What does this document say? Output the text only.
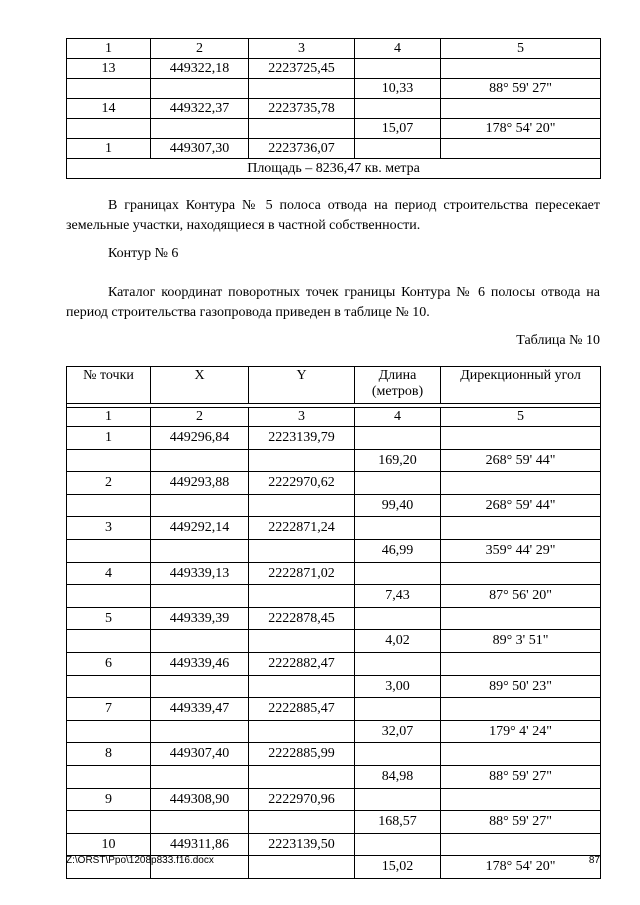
1	2	3	4	5
13	449322,18	2223725,45		
			10,33	88° 59' 27"
14	449322,37	2223735,78		
			15,07	178° 54' 20"
1	449307,30	2223736,07		
Площадь – 8236,47 кв. метра				
В границах Контура № 5 полоса отвода на период строительства пересекает земельные участки, находящиеся в частной собственности.
Контур № 6
Каталог координат поворотных точек границы Контура № 6 полосы отвода на период строительства газопровода приведен в таблице № 10.
Таблица № 10
№ точки	X	Y	Длина (метров)	Дирекционный угол

1	2	3	4	5
1	449296,84	2223139,79		
			169,20	268° 59' 44"
2	449293,88	2222970,62		
			99,40	268° 59' 44"
3	449292,14	2222871,24		
			46,99	359° 44' 29"
4	449339,13	2222871,02		
			7,43	87° 56' 20"
5	449339,39	2222878,45		
			4,02	89° 3' 51"
6	449339,46	2222882,47		
			3,00	89° 50' 23"
7	449339,47	2222885,47		
			32,07	179° 4' 24"
8	449307,40	2222885,99		
			84,98	88° 59' 27"
9	449308,90	2222970,96		
			168,57	88° 59' 27"
10	449311,86	2223139,50		
			15,02	178° 54' 20"
Z:\ORST\Ppo\1208p833.f16.docx	87
